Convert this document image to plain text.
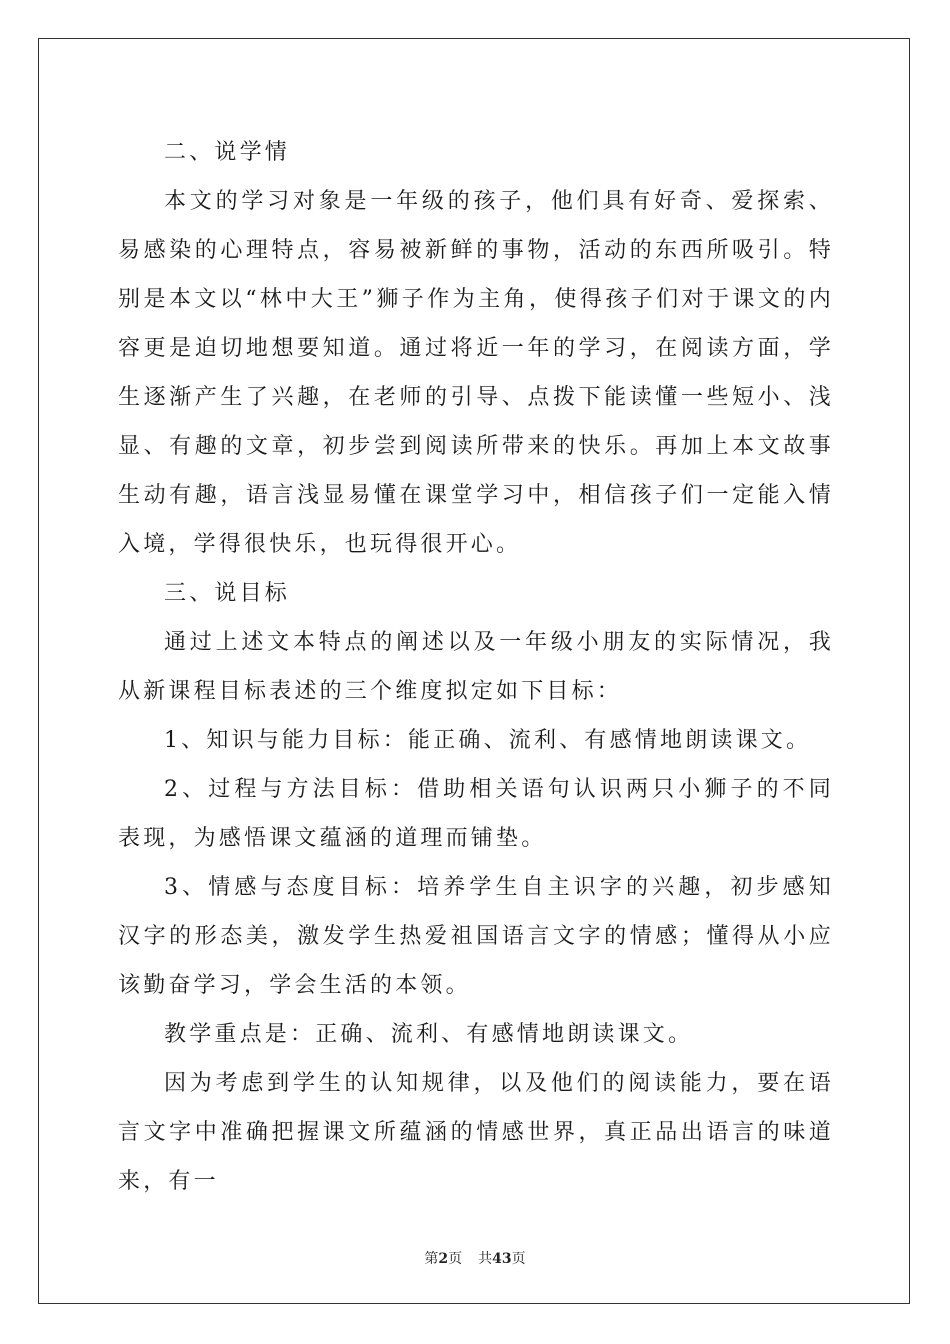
二、说学情

本文的学习对象是一年级的孩子，他们具有好奇、爱探索、易感染的心理特点，容易被新鲜的事物，活动的东西所吸引。特别是本文以“林中大王”狮子作为主角，使得孩子们对于课文的内容更是迫切地想要知道。通过将近一年的学习，在阅读方面，学生逐渐产生了兴趣，在老师的引导、点拨下能读懂一些短小、浅显、有趣的文章，初步尝到阅读所带来的快乐。再加上本文故事生动有趣，语言浅显易懂在课堂学习中，相信孩子们一定能入情入境，学得很快乐，也玩得很开心。

三、说目标

通过上述文本特点的阐述以及一年级小朋友的实际情况，我从新课程目标表述的三个维度拟定如下目标：

1、知识与能力目标：能正确、流利、有感情地朗读课文。

2、过程与方法目标：借助相关语句认识两只小狮子的不同表现，为感悟课文蕴涵的道理而铺垫。

3、情感与态度目标：培养学生自主识字的兴趣，初步感知汉字的形态美，激发学生热爱祖国语言文字的情感；懂得从小应该勤奋学习，学会生活的本领。

教学重点是：正确、流利、有感情地朗读课文。

因为考虑到学生的认知规律，以及他们的阅读能力，要在语言文字中准确把握课文所蕴涵的情感世界，真正品出语言的味道来，有一

第2页 共43页
